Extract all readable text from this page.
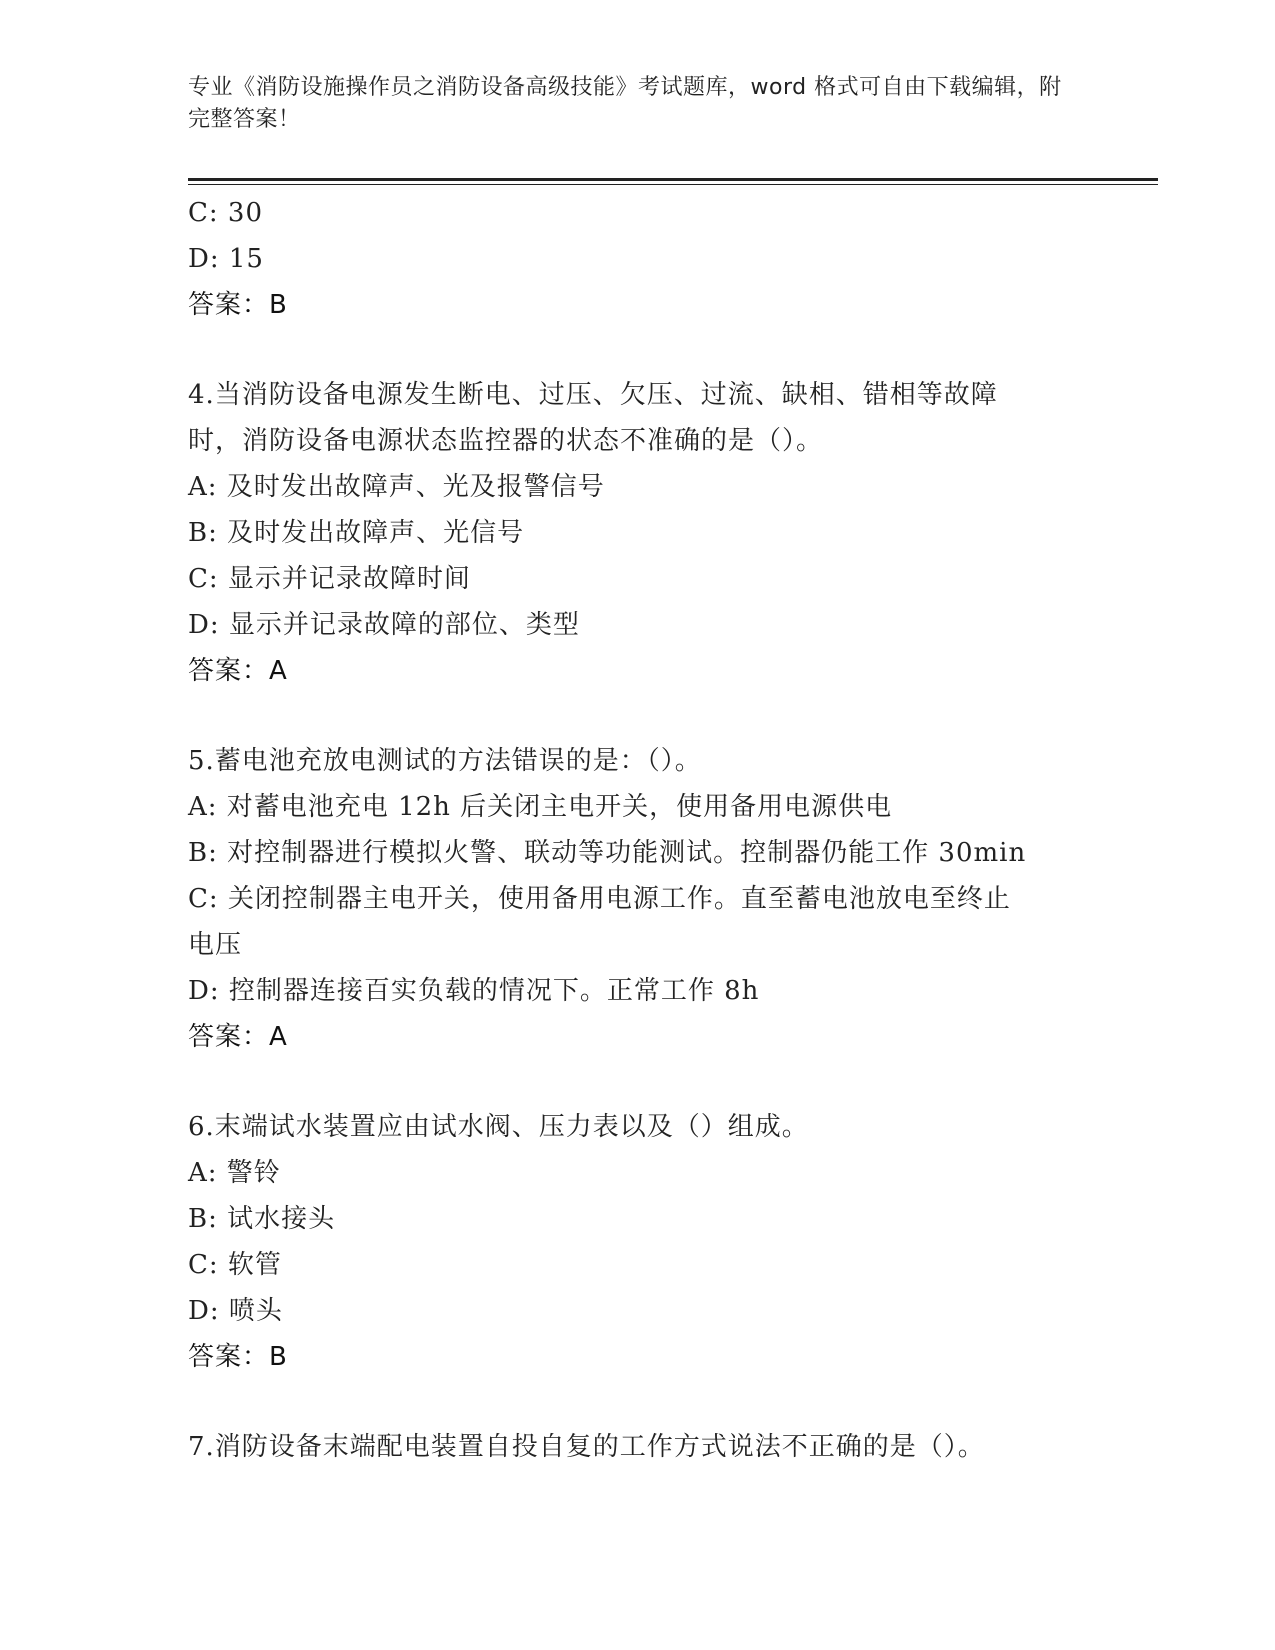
专业《消防设施操作员之消防设备高级技能》考试题库，word 格式可自由下载编辑，附完整答案！
C: 30
D: 15
答案：B
4.当消防设备电源发生断电、过压、欠压、过流、缺相、错相等故障
时，消防设备电源状态监控器的状态不准确的是（）。
A: 及时发出故障声、光及报警信号
B: 及时发出故障声、光信号
C: 显示并记录故障时间
D: 显示并记录故障的部位、类型
答案：A
5.蓄电池充放电测试的方法错误的是：（）。
A: 对蓄电池充电 12h 后关闭主电开关，使用备用电源供电
B: 对控制器进行模拟火警、联动等功能测试。控制器仍能工作 30min
C: 关闭控制器主电开关，使用备用电源工作。直至蓄电池放电至终止
电压
D: 控制器连接百实负载的情况下。正常工作 8h
答案：A
6.末端试水装置应由试水阀、压力表以及（）组成。
A: 警铃
B: 试水接头
C: 软管
D: 喷头
答案：B
7.消防设备末端配电装置自投自复的工作方式说法不正确的是（）。
